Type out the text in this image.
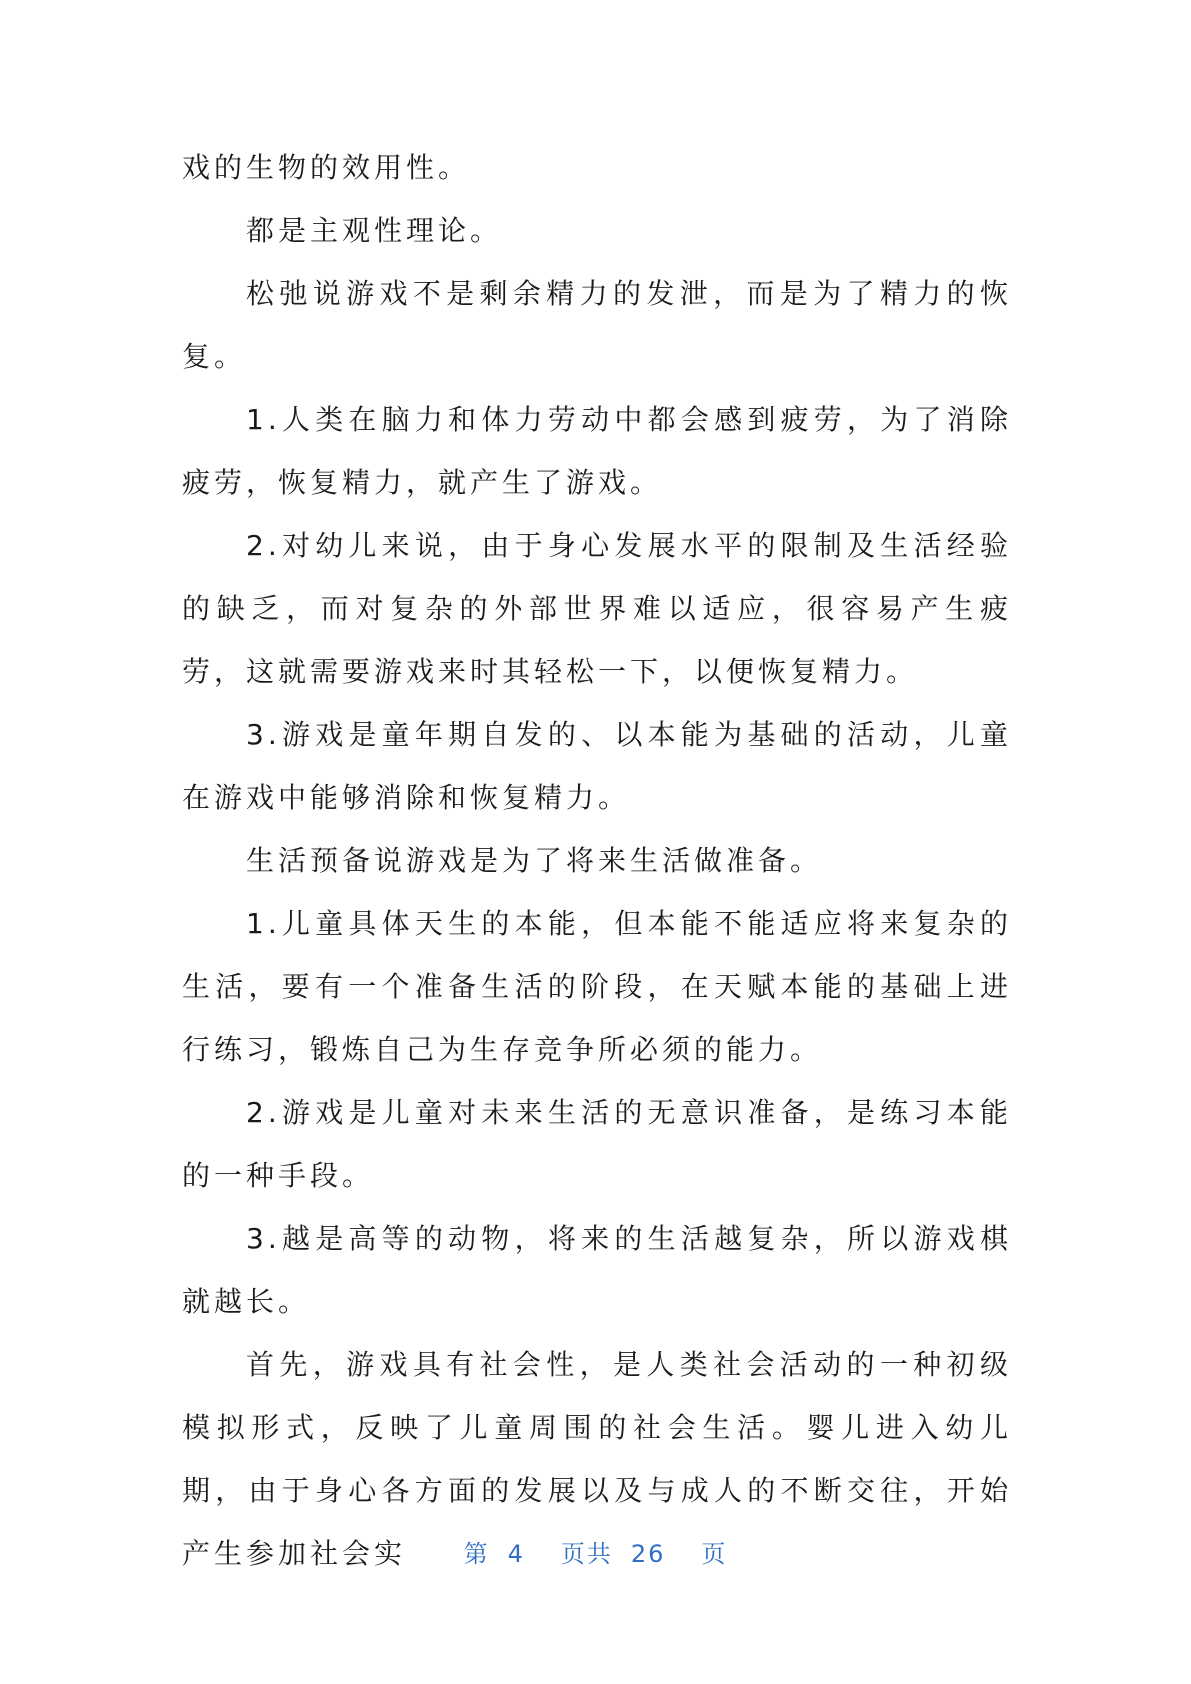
戏的生物的效用性。

都是主观性理论。

松弛说游戏不是剩余精力的发泄，而是为了精力的恢复。

1.人类在脑力和体力劳动中都会感到疲劳，为了消除疲劳，恢复精力，就产生了游戏。

2.对幼儿来说，由于身心发展水平的限制及生活经验的缺乏，而对复杂的外部世界难以适应，很容易产生疲劳，这就需要游戏来时其轻松一下，以便恢复精力。

3.游戏是童年期自发的、以本能为基础的活动，儿童在游戏中能够消除和恢复精力。

生活预备说游戏是为了将来生活做准备。

1.儿童具体天生的本能，但本能不能适应将来复杂的生活，要有一个准备生活的阶段，在天赋本能的基础上进行练习，锻炼自己为生存竞争所必须的能力。

2.游戏是儿童对未来生活的无意识准备，是练习本能的一种手段。

3.越是高等的动物，将来的生活越复杂，所以游戏棋就越长。

首先，游戏具有社会性，是人类社会活动的一种初级模拟形式，反映了儿童周围的社会生活。婴儿进入幼儿期，由于身心各方面的发展以及与成人的不断交往，开始产生参加社会实	第 4 页共 26 页
